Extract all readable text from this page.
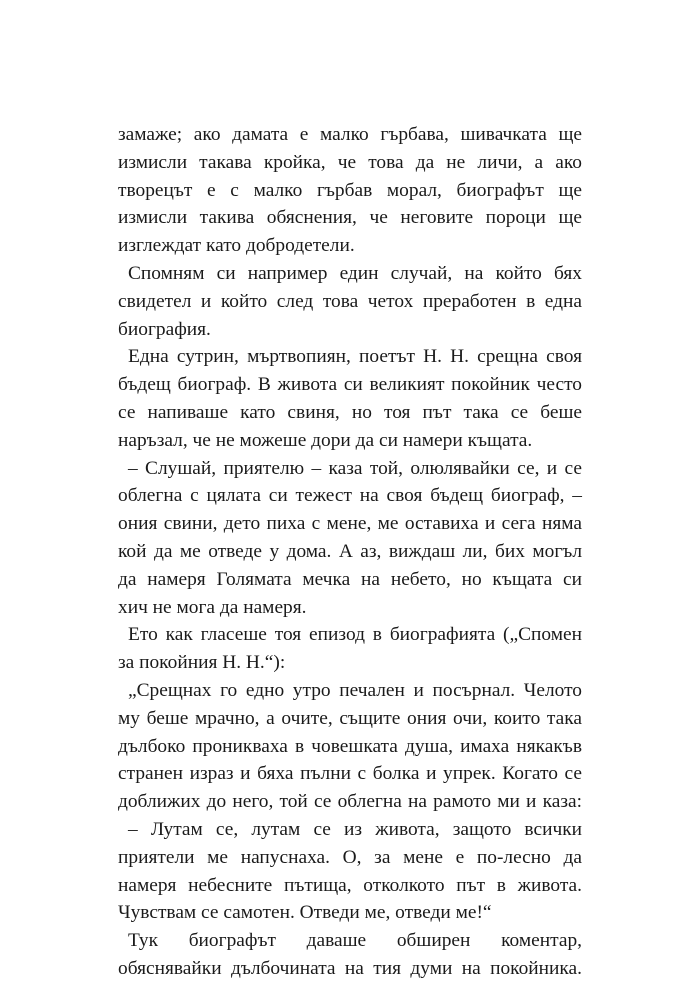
замаже; ако дамата е малко гърбава, шивачката ще
измисли такава кройка, че това да не личи, а ако
творецът е с малко гърбав морал, биографът ще
измисли такива обяснения, че неговите пороци ще
изглеждат като добродетели.
Спомням си например един случай, на който бях
свидетел и който след това четох преработен в една
биография.
Една сутрин, мъртвопиян, поетът Н. Н. срещна своя
бъдещ биограф. В живота си великият покойник често
се напиваше като свиня, но тоя път така се беше
наръзал, че не можеше дори да си намери къщата.
– Слушай, приятелю – каза той, олюлявайки се, и се
облегна с цялата си тежест на своя бъдещ биограф, –
ония свини, дето пиха с мене, ме оставиха и сега няма
кой да ме отведе у дома. А аз, виждаш ли, бих могъл
да намеря Голямата мечка на небето, но къщата си
хич не мога да намеря.
Ето как гласеше тоя епизод в биографията („Спомен
за покойния Н. Н.“):
„Срещнах го едно утро печален и посърнал. Челото
му беше мрачно, а очите, същите ония очи, които така
дълбоко проникваха в човешката душа, имаха някакъв
странен израз и бяха пълни с болка и упрек. Когато се
доближих до него, той се облегна на рамото ми и каза:
– Лутам се, лутам се из живота, защото всички
приятели ме напуснаха. О, за мене е по-лесно да
намеря небесните пътища, отколкото път в живота.
Чувствам се самотен. Отведи ме, отведи ме!“
Тук биографът даваше обширен коментар,
обяснявайки дълбочината на тия думи на покойника.
